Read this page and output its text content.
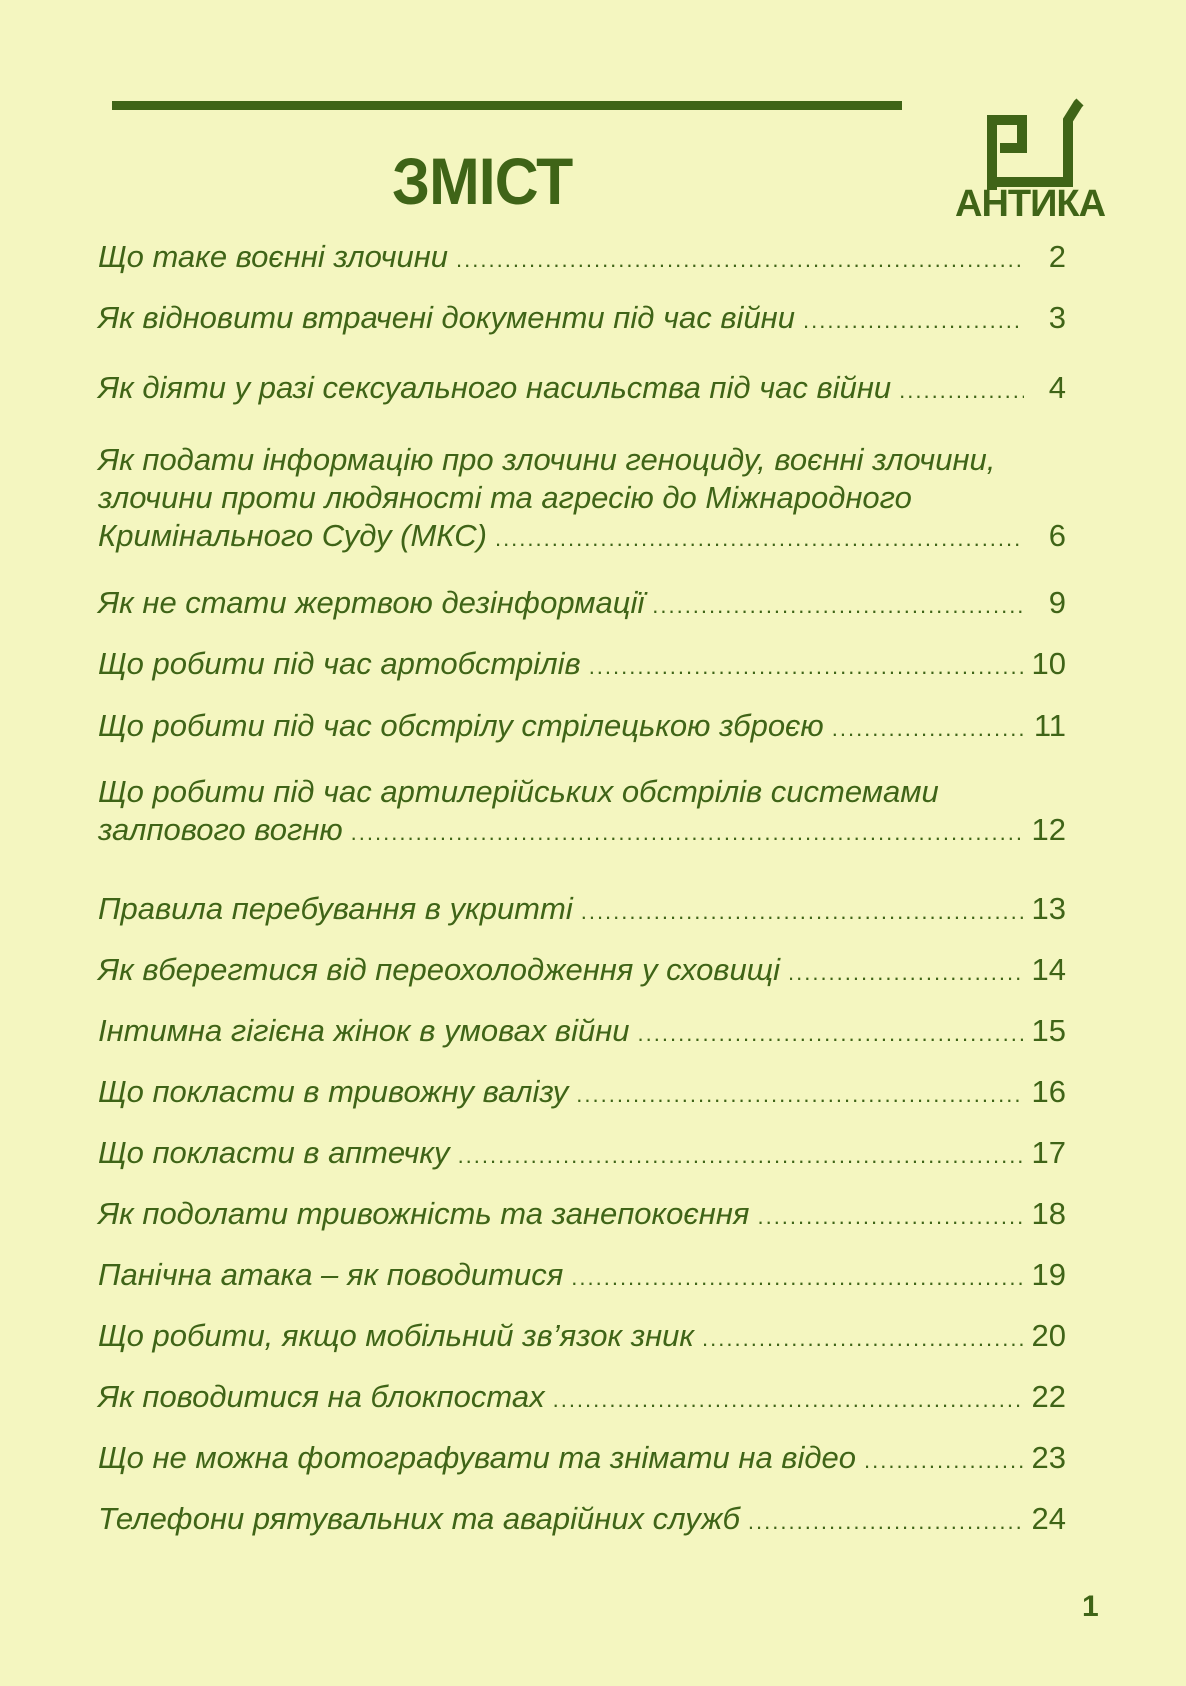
ЗМІСТ	АНТИКА
Що таке воєнні злочини .....	2
Як відновити втрачені документи під час війни .....	3
Як діяти у разі сексуального насильства під час війни .....	4
Як подати інформацію про злочини геноциду, воєнні злочини,
злочини проти людяності та агресію до Міжнародного
Кримінального Суду (МКС) .....	6
Як не стати жертвою дезінформації .....	9
Що робити під час артобстрілів .....	10
Що робити під час обстрілу стрілецькою зброєю .....	11
Що робити під час артилерійських обстрілів системами
залпового вогню .....	12
Правила перебування в укритті .....	13
Як вберегтися від переохолодження у сховищі .....	14
Інтимна гігієна жінок в умовах війни .....	15
Що покласти в тривожну валізу .....	16
Що покласти в аптечку .....	17
Як подолати тривожність та занепокоєння .....	18
Панічна атака – як поводитися .....	19
Що робити, якщо мобільний зв’язок зник .....	20
Як поводитися на блокпостах .....	22
Що не можна фотографувати та знімати на відео .....	23
Телефони рятувальних та аварійних служб .....	24
1
